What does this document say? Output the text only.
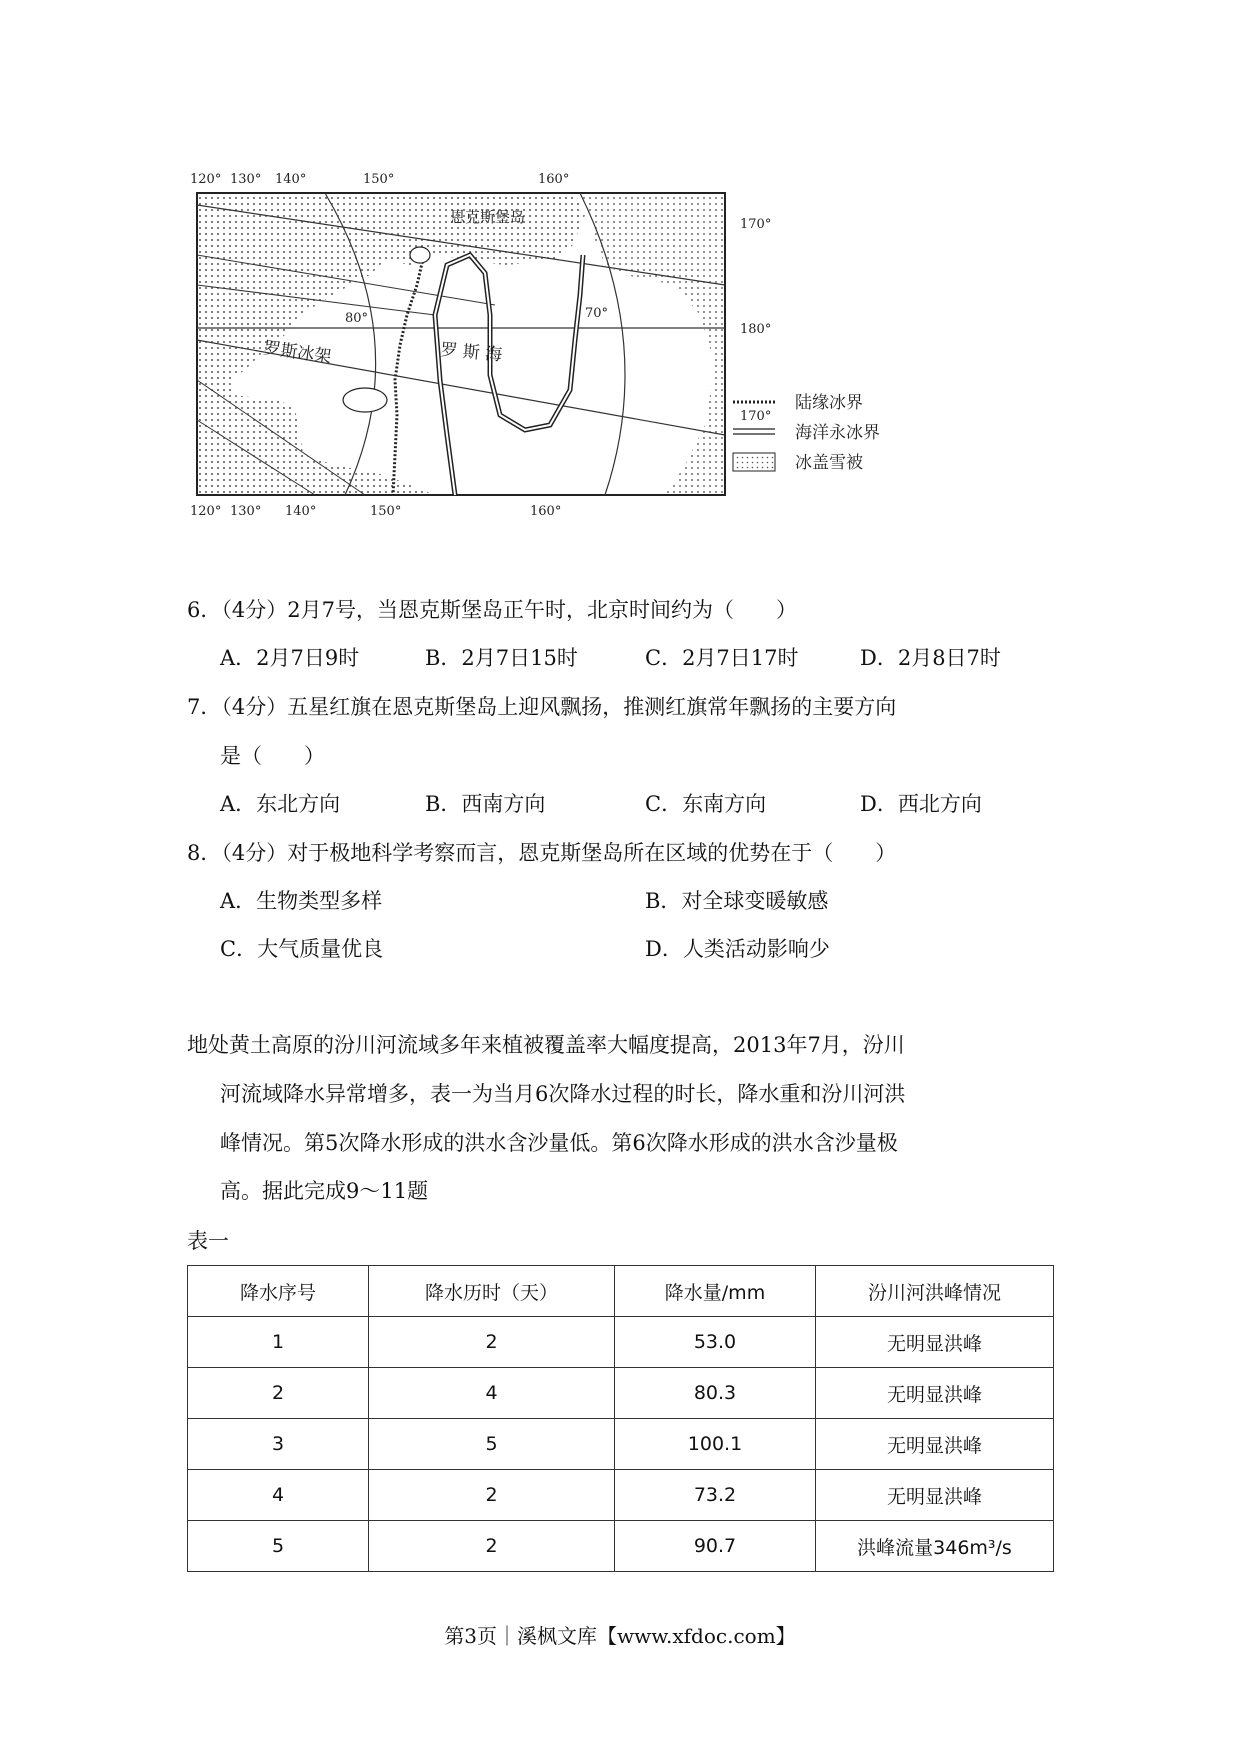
120° 130° 140°	150°	160°
120° 130° 140°	150°	160°
170°
180°
170°
80°	70°
恩克斯堡岛
罗斯冰架	罗 斯 海
陆缘冰界
海洋永冰界
冰盖雪被
6．（4分）2月7号，当恩克斯堡岛正午时，北京时间约为（　　）
A．2月7日9时	B．2月7日15时	C．2月7日17时	D．2月8日7时
7．（4分）五星红旗在恩克斯堡岛上迎风飘扬，推测红旗常年飘扬的主要方向
是（　　）
A．东北方向	B．西南方向	C．东南方向	D．西北方向
8．（4分）对于极地科学考察而言，恩克斯堡岛所在区域的优势在于（　　）
A．生物类型多样	B．对全球变暖敏感
C．大气质量优良	D．人类活动影响少
地处黄土高原的汾川河流域多年来植被覆盖率大幅度提高，2013年7月，汾川
河流域降水异常增多，表一为当月6次降水过程的时长，降水重和汾川河洪
峰情况。第5次降水形成的洪水含沙量低。第6次降水形成的洪水含沙量极
高。据此完成9～11题
表一
降水序号	降水历时（天）	降水量/mm	汾川河洪峰情况
1	2	53.0	无明显洪峰
2	4	80.3	无明显洪峰
3	5	100.1	无明显洪峰
4	2	73.2	无明显洪峰
5	2	90.7	洪峰流量346m³/s
第3页｜溪枫文库【www.xfdoc.com】
